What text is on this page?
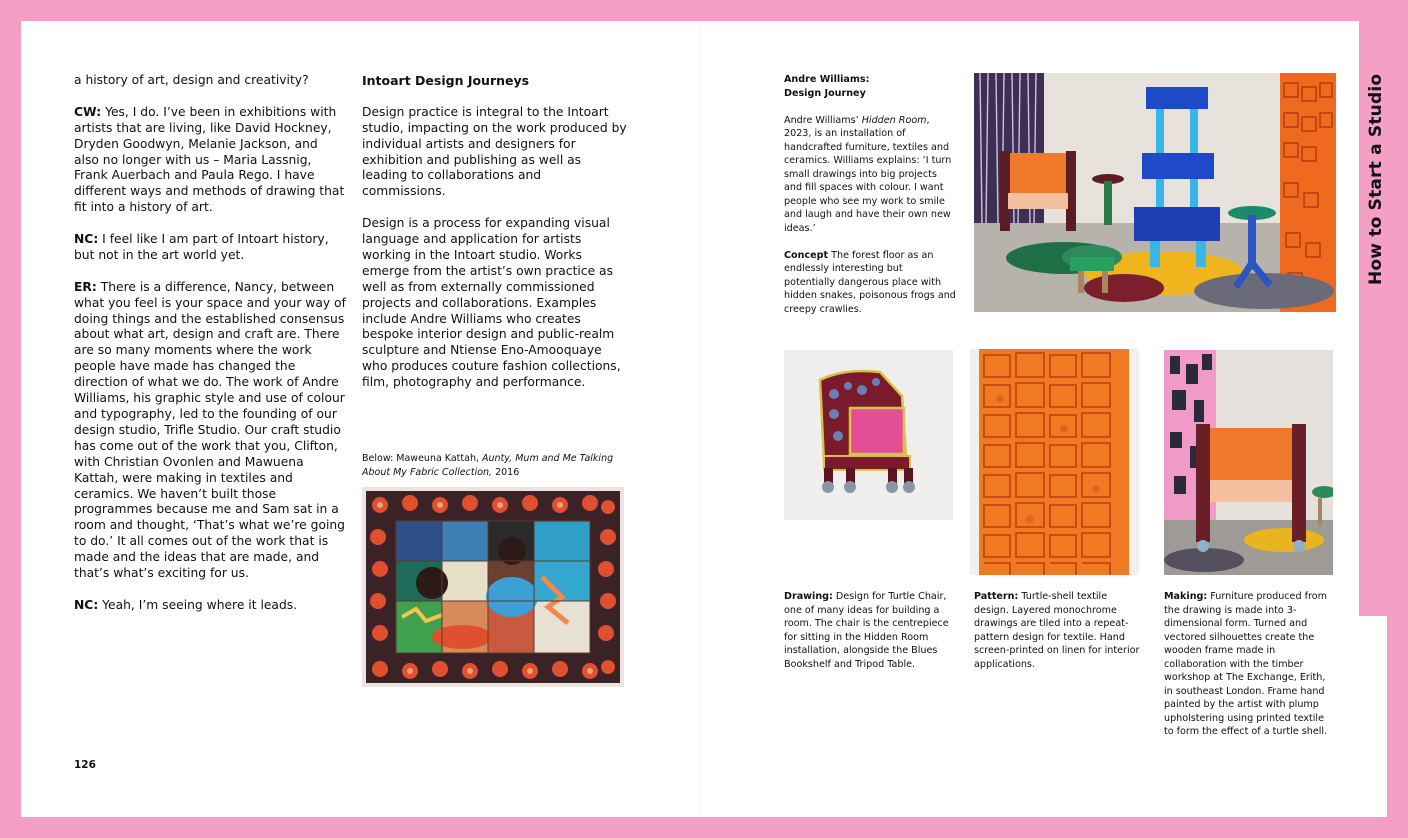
a history of art, design and creativity?

CW: Yes, I do. I’ve been in exhibitions with artists that are living, like David Hockney, Dryden Goodwyn, Melanie Jackson, and also no longer with us – Maria Lassnig, Frank Auerbach and Paula Rego. I have different ways and methods of drawing that fit into a history of art.

NC: I feel like I am part of Intoart history, but not in the art world yet.

ER: There is a difference, Nancy, between what you feel is your space and your way of doing things and the established consensus about what art, design and craft are. There are so many moments where the work people have made has changed the direction of what we do. The work of Andre Williams, his graphic style and use of colour and typography, led to the founding of our design studio, Trifle Studio. Our craft studio has come out of the work that you, Clifton, with Christian Ovonlen and Mawuena Kattah, were making in textiles and ceramics. We haven’t built those programmes because me and Sam sat in a room and thought, ‘That’s what we’re going to do.’ It all comes out of the work that is made and the ideas that are made, and that’s what’s exciting for us.

NC: Yeah, I’m seeing where it leads.

Intoart Design Journeys

Design practice is integral to the Intoart studio, impacting on the work produced by individual artists and designers for exhibition and publishing as well as leading to collaborations and commissions.

Design is a process for expanding visual language and application for artists working in the Intoart studio. Works emerge from the artist’s own practice as well as from externally commissioned projects and collaborations. Examples include Andre Williams who creates bespoke interior design and public-realm sculpture and Ntiense Eno-Amooquaye who produces couture fashion collections, film, photography and performance.

Below: Maweuna Kattah, Aunty, Mum and Me Talking About My Fabric Collection, 2016
126

Andre Williams:
Design Journey

Andre Williams’ Hidden Room, 2023, is an installation of handcrafted furniture, textiles and ceramics. Williams explains: ‘I turn small drawings into big projects and fill spaces with colour. I want people who see my work to smile and laugh and have their own new ideas.’

Concept The forest floor as an endlessly interesting but potentially dangerous place with hidden snakes, poisonous frogs and creepy crawlies.

Drawing: Design for Turtle Chair, one of many ideas for building a room. The chair is the centrepiece for sitting in the Hidden Room installation, alongside the Blues Bookshelf and Tripod Table.
Pattern: Turtle-shell textile design. Layered monochrome drawings are tiled into a repeat-pattern design for textile. Hand screen-printed on linen for interior applications.
Making: Furniture produced from the drawing is made into 3-dimensional form. Turned and vectored silhouettes create the wooden frame made in collaboration with the timber workshop at The Exchange, Erith, in southeast London. Frame hand painted by the artist with plump upholstering using printed textile to form the effect of a turtle shell.
How to Start a Studio
